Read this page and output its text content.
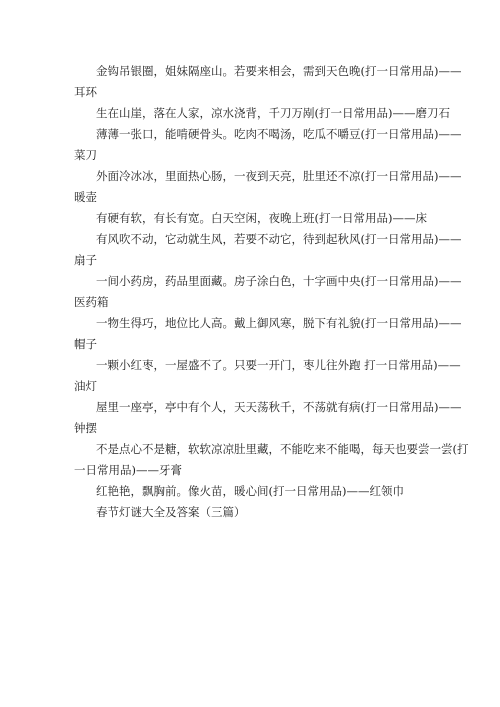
金钩吊银圈，姐妹隔座山。若要来相会，需到天色晚(打一日常用品)——
耳环
生在山崖，落在人家，凉水浇背，千刀万剐(打一日常用品)——磨刀石
薄薄一张口，能啃硬骨头。吃肉不喝汤，吃瓜不嚼豆(打一日常用品)——
菜刀
外面冷冰冰，里面热心肠，一夜到天亮，肚里还不凉(打一日常用品)——
暖壶
有硬有软，有长有宽。白天空闲，夜晚上班(打一日常用品)——床
有风吹不动，它动就生风，若要不动它，待到起秋风(打一日常用品)——
扇子
一间小药房，药品里面藏。房子涂白色，十字画中央(打一日常用品)——
医药箱
一物生得巧，地位比人高。戴上御风寒，脱下有礼貌(打一日常用品)——
帽子
一颗小红枣，一屋盛不了。只要一开门，枣儿往外跑 打一日常用品)——
油灯
屋里一座亭，亭中有个人，天天荡秋千，不荡就有病(打一日常用品)——
钟摆
不是点心不是糖，软软凉凉肚里藏，不能吃来不能喝，每天也要尝一尝(打
一日常用品)——牙膏
红艳艳，飘胸前。像火苗，暖心间(打一日常用品)——红领巾
春节灯谜大全及答案（三篇）
